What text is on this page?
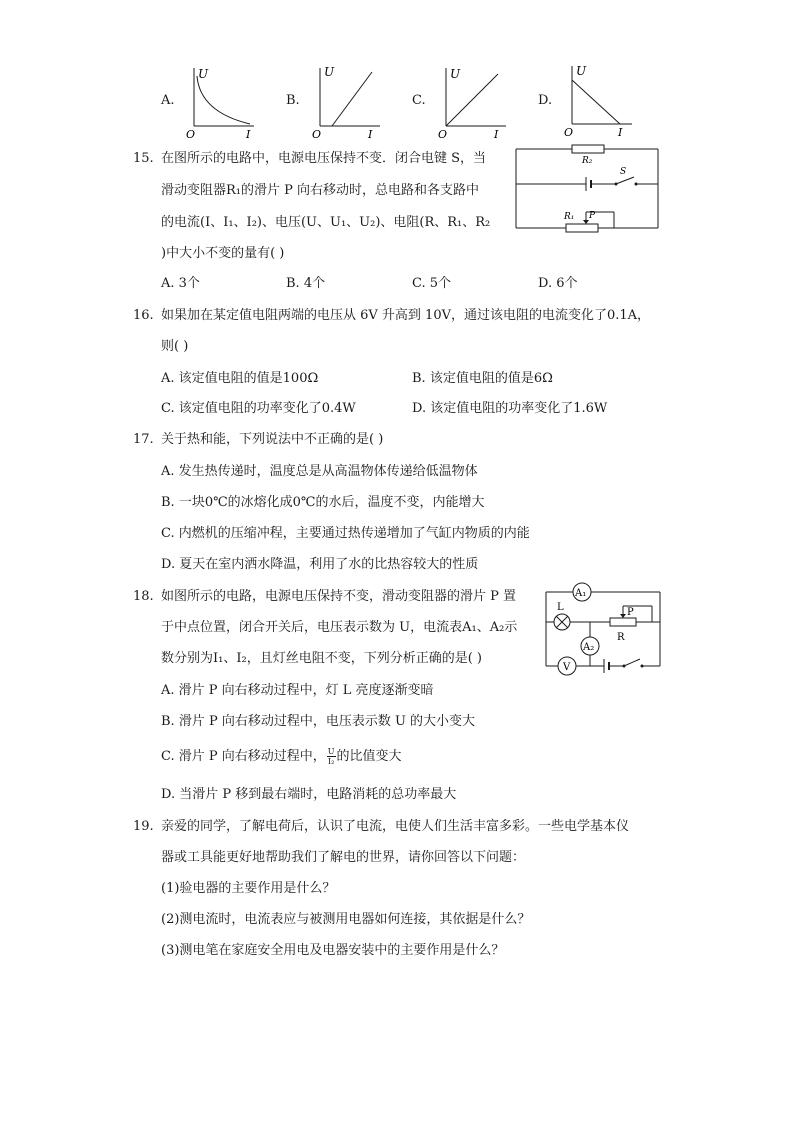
A.
U
O	I
B.
U
O	I
C.
U
O	I
D.
U
O	I
15. 在图所示的电路中，电源电压保持不变．闭合电键 S，当
滑动变阻器R₁的滑片 P 向右移动时，总电路和各支路中
的电流(I、I₁、I₂)、电压(U、U₁、U₂)、电阻(R、R₁、R₂
)中大小不变的量有( )
A. 3个	B. 4个	C. 5个	D. 6个
R₂
S
R₁ P
16. 如果加在某定值电阻两端的电压从 6V 升高到 10V，通过该电阻的电流变化了0.1A，
则( )
A. 该定值电阻的值是100Ω	B. 该定值电阻的值是6Ω
C. 该定值电阻的功率变化了0.4W	D. 该定值电阻的功率变化了1.6W
17. 关于热和能，下列说法中不正确的是( )
A. 发生热传递时，温度总是从高温物体传递给低温物体
B. 一块0℃的冰熔化成0℃的水后，温度不变，内能增大
C. 内燃机的压缩冲程，主要通过热传递增加了气缸内物质的内能
D. 夏天在室内洒水降温，利用了水的比热容较大的性质
18. 如图所示的电路，电源电压保持不变，滑动变阻器的滑片 P 置
于中点位置，闭合开关后，电压表示数为 U，电流表A₁、A₂示
数分别为I₁、I₂，且灯丝电阻不变，下列分析正确的是( )
A. 滑片 P 向右移动过程中，灯 L 亮度逐渐变暗
B. 滑片 P 向右移动过程中，电压表示数 U 的大小变大
C. 滑片 P 向右移动过程中， $\frac{U}{\text{I₂}}$ 的比值变大
D. 当滑片 P 移到最右端时，电路消耗的总功率最大
A₁
L	P
R
A₂
V
19. 亲爱的同学，了解电荷后，认识了电流，电使人们生活丰富多彩。一些电学基本仪
器或工具能更好地帮助我们了解电的世界，请你回答以下问题：
(1)验电器的主要作用是什么？
(2)测电流时，电流表应与被测用电器如何连接，其依据是什么？
(3)测电笔在家庭安全用电及电器安装中的主要作用是什么？
